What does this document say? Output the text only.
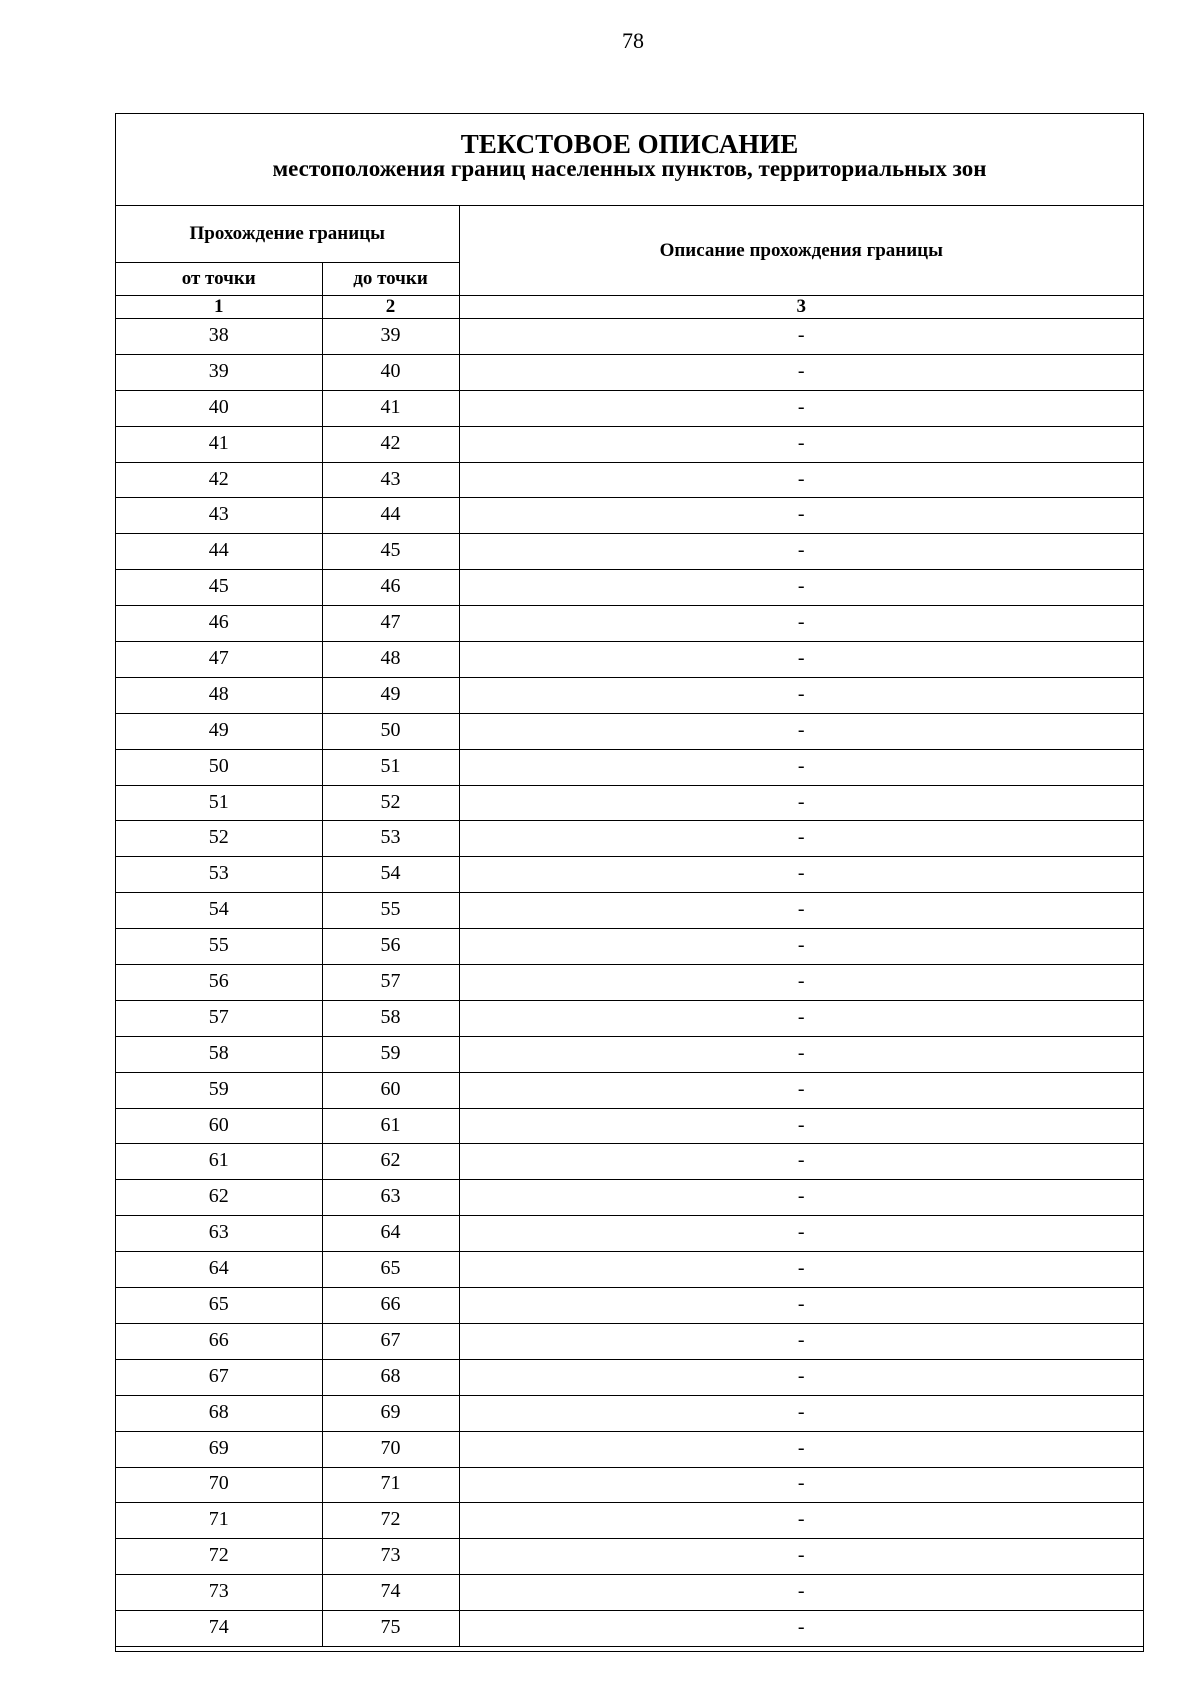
78
ТЕКСТОВОЕ ОПИСАНИЕ
местоположения границ населенных пунктов, территориальных зон
Прохождение границы		Описание прохождения границы
от точки	до точки	
1	2	3
38	39	-
39	40	-
40	41	-
41	42	-
42	43	-
43	44	-
44	45	-
45	46	-
46	47	-
47	48	-
48	49	-
49	50	-
50	51	-
51	52	-
52	53	-
53	54	-
54	55	-
55	56	-
56	57	-
57	58	-
58	59	-
59	60	-
60	61	-
61	62	-
62	63	-
63	64	-
64	65	-
65	66	-
66	67	-
67	68	-
68	69	-
69	70	-
70	71	-
71	72	-
72	73	-
73	74	-
74	75	-
